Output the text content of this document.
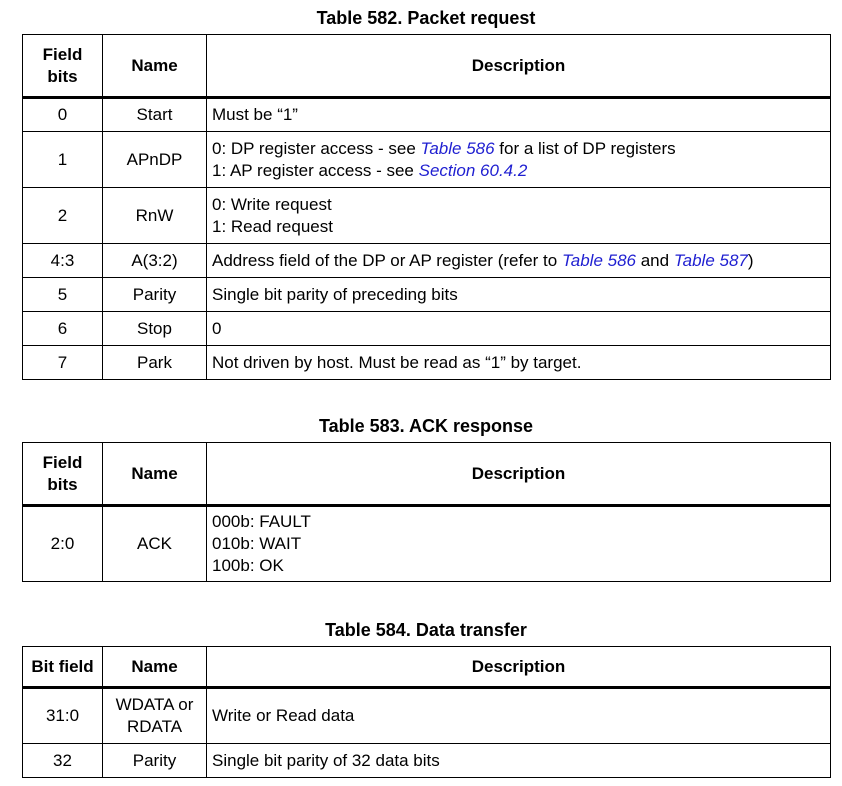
Table 582. Packet request
Field
bits	Name	Description
0	Start	Must be “1”
1	APnDP	0: DP register access - see Table 586 for a list of DP registers
1: AP register access - see Section 60.4.2

2	RnW	0: Write request
1: Read request

4:3	A(3:2)	Address field of the DP or AP register (refer to Table 586 and Table 587)
5	Parity	Single bit parity of preceding bits
6	Stop	0
7	Park	Not driven by host. Must be read as “1” by target.
Table 583. ACK response
Field
bits	Name	Description
2:0	ACK	000b: FAULT
010b: WAIT
100b: OK
Table 584. Data transfer
Bit field	Name	Description
31:0	WDATA or
RDATA	Write or Read data
32	Parity	Single bit parity of 32 data bits
